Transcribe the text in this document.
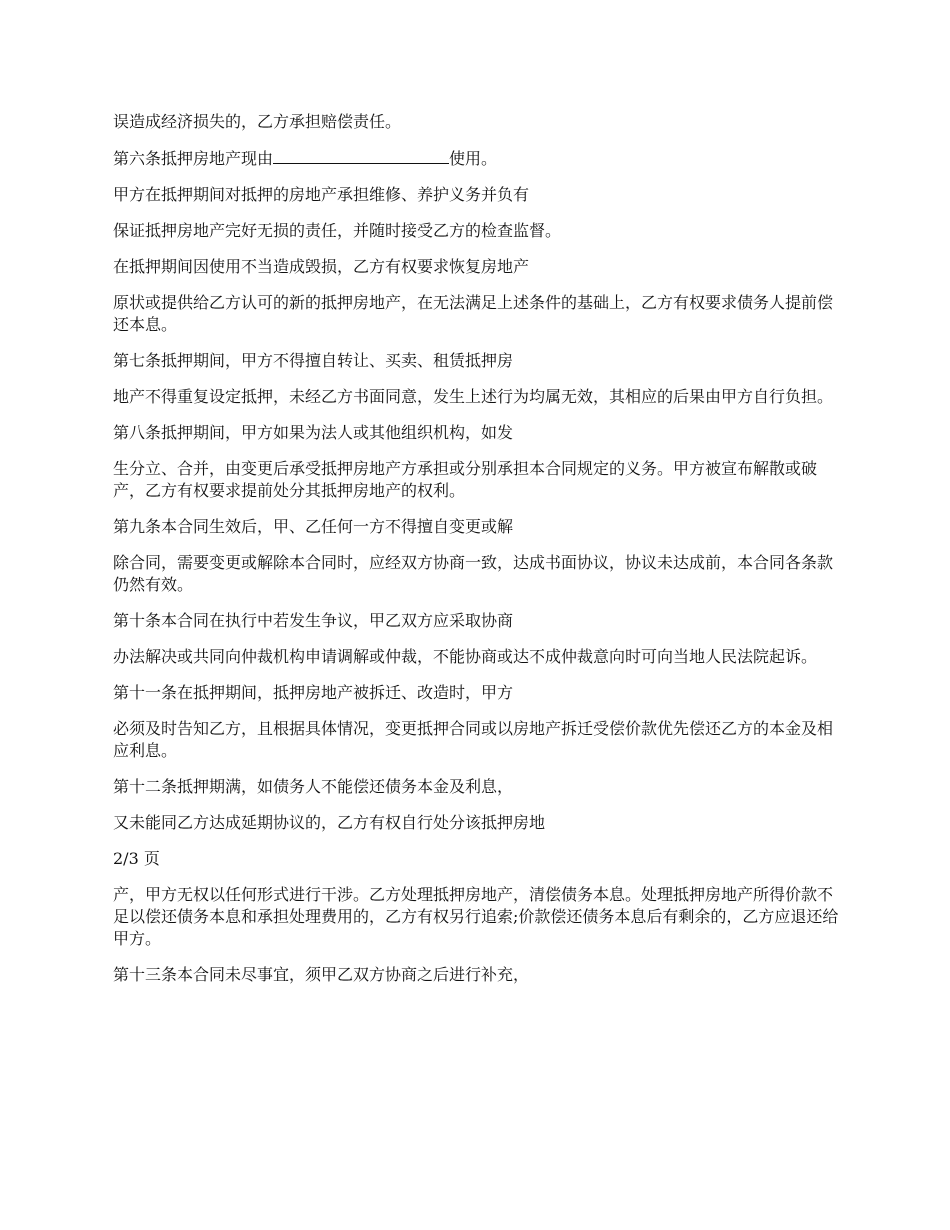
误造成经济损失的，乙方承担赔偿责任。

第六条抵押房地产现由	使用。

甲方在抵押期间对抵押的房地产承担维修、养护义务并负有

保证抵押房地产完好无损的责任，并随时接受乙方的检查监督。

在抵押期间因使用不当造成毁损，乙方有权要求恢复房地产

原状或提供给乙方认可的新的抵押房地产，在无法满足上述条件的基础上，乙方有权要求债务人提前偿还本息。

第七条抵押期间，甲方不得擅自转让、买卖、租赁抵押房

地产不得重复设定抵押，未经乙方书面同意，发生上述行为均属无效，其相应的后果由甲方自行负担。

第八条抵押期间，甲方如果为法人或其他组织机构，如发

生分立、合并，由变更后承受抵押房地产方承担或分别承担本合同规定的义务。甲方被宣布解散或破产，乙方有权要求提前处分其抵押房地产的权利。

第九条本合同生效后，甲、乙任何一方不得擅自变更或解

除合同，需要变更或解除本合同时，应经双方协商一致，达成书面协议，协议未达成前，本合同各条款仍然有效。

第十条本合同在执行中若发生争议，甲乙双方应采取协商

办法解决或共同向仲裁机构申请调解或仲裁，不能协商或达不成仲裁意向时可向当地人民法院起诉。

第十一条在抵押期间，抵押房地产被拆迁、改造时，甲方

必须及时告知乙方，且根据具体情况，变更抵押合同或以房地产拆迁受偿价款优先偿还乙方的本金及相应利息。

第十二条抵押期满，如债务人不能偿还债务本金及利息，

又未能同乙方达成延期协议的，乙方有权自行处分该抵押房地

2/3 页

产，甲方无权以任何形式进行干涉。乙方处理抵押房地产，清偿债务本息。处理抵押房地产所得价款不足以偿还债务本息和承担处理费用的，乙方有权另行追索;价款偿还债务本息后有剩余的，乙方应退还给甲方。

第十三条本合同未尽事宜，须甲乙双方协商之后进行补充，
